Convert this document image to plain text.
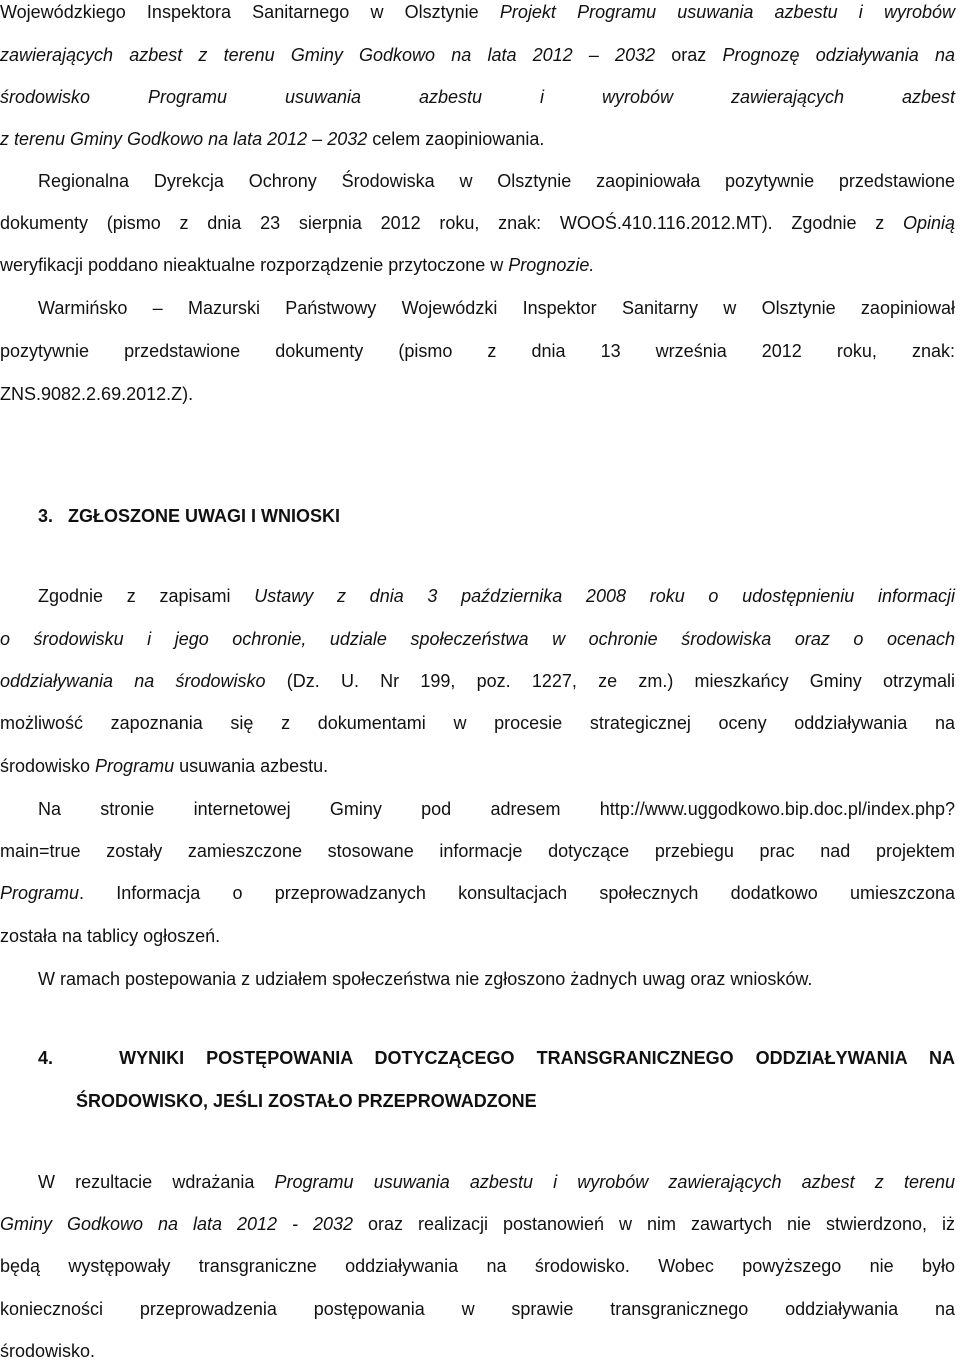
Wojewódzkiego Inspektora Sanitarnego w Olsztynie Projekt Programu usuwania azbestu i wyrobów

zawierających azbest z terenu Gminy Godkowo na lata 2012 – 2032 oraz Prognozę odziaływania na

środowisko Programu usuwania azbestu i wyrobów zawierających azbest

z terenu Gminy Godkowo na lata 2012 – 2032 celem zaopiniowania.

Regionalna Dyrekcja Ochrony Środowiska w Olsztynie zaopiniowała pozytywnie przedstawione

dokumenty (pismo z dnia 23 sierpnia 2012 roku, znak: WOOŚ.410.116.2012.MT). Zgodnie z Opinią

weryfikacji poddano nieaktualne rozporządzenie przytoczone w Prognozie.

Warmińsko – Mazurski Państwowy Wojewódzki Inspektor Sanitarny w Olsztynie zaopiniował

pozytywnie przedstawione dokumenty (pismo z dnia 13 września 2012 roku, znak:

ZNS.9082.2.69.2012.Z).

3. ZGŁOSZONE UWAGI I WNIOSKI

Zgodnie z zapisami Ustawy z dnia 3 października 2008 roku o udostępnieniu informacji

o środowisku i jego ochronie, udziale społeczeństwa w ochronie środowiska oraz o ocenach

oddziaływania na środowisko (Dz. U. Nr 199, poz. 1227, ze zm.) mieszkańcy Gminy otrzymali

możliwość zapoznania się z dokumentami w procesie strategicznej oceny oddziaływania na

środowisko Programu usuwania azbestu.

Na stronie internetowej Gminy pod adresem http://www.uggodkowo.bip.doc.pl/index.php?

main=true zostały zamieszczone stosowane informacje dotyczące przebiegu prac nad projektem

Programu. Informacja o przeprowadzanych konsultacjach społecznych dodatkowo umieszczona

została na tablicy ogłoszeń.

W ramach postepowania z udziałem społeczeństwa nie zgłoszono żadnych uwag oraz wniosków.

4.	WYNIKI POSTĘPOWANIA DOTYCZĄCEGO TRANSGRANICZNEGO ODDZIAŁYWANIA NA

ŚRODOWISKO, JEŚLI ZOSTAŁO PRZEPROWADZONE

W rezultacie wdrażania Programu usuwania azbestu i wyrobów zawierających azbest z terenu

Gminy Godkowo na lata 2012 - 2032 oraz realizacji postanowień w nim zawartych nie stwierdzono, iż

będą występowały transgraniczne oddziaływania na środowisko. Wobec powyższego nie było

konieczności przeprowadzenia postępowania w sprawie transgranicznego oddziaływania na

środowisko.
